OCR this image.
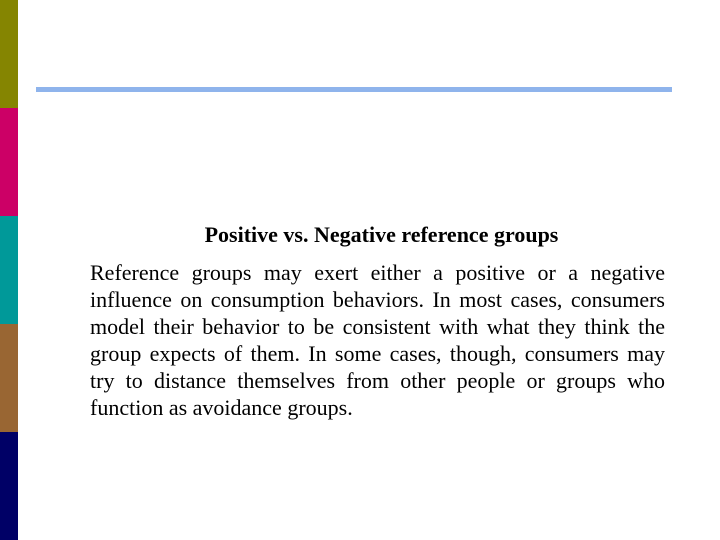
Positive vs. Negative reference groups

Reference groups may exert either a positive or a negative influence on consumption behaviors. In most cases, consumers model their behavior to be consistent with what they think the group expects of them. In some cases, though, consumers may try to distance themselves from other people or groups who function as avoidance groups.
